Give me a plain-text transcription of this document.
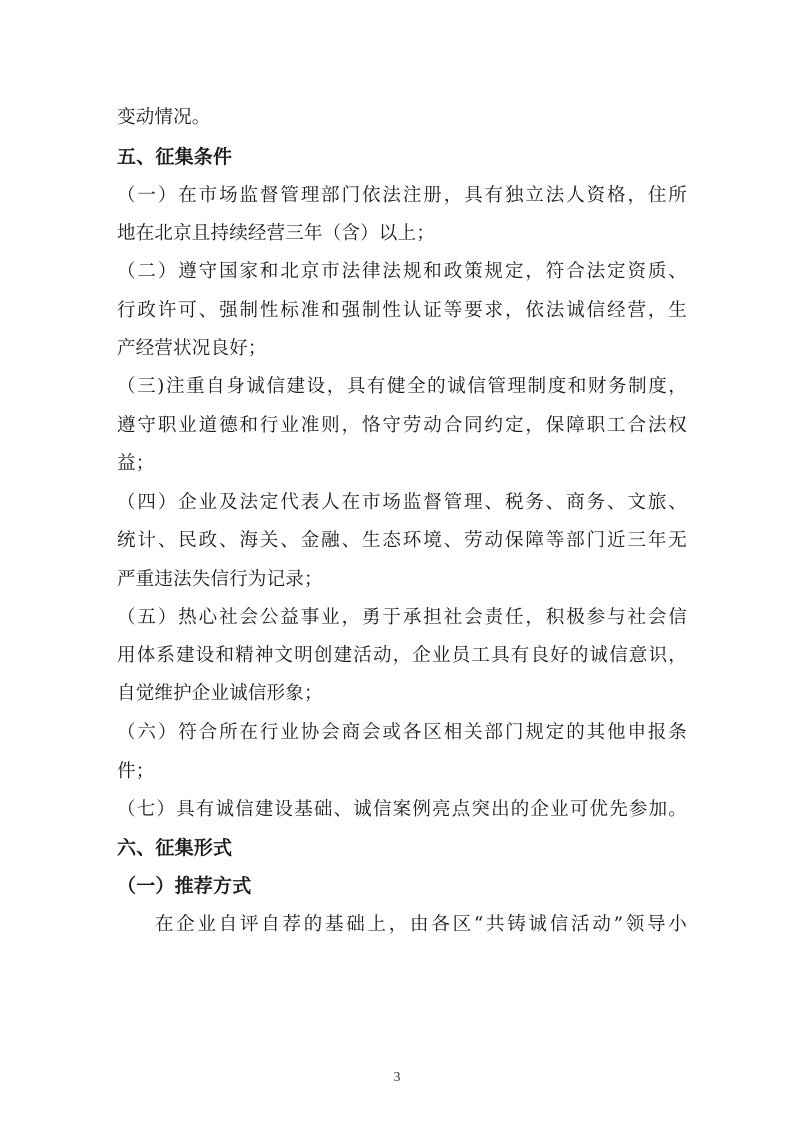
变动情况。
五、征集条件
（一）在市场监督管理部门依法注册，具有独立法人资格，住所
地在北京且持续经营三年（含）以上；
（二）遵守国家和北京市法律法规和政策规定，符合法定资质、
行政许可、强制性标准和强制性认证等要求，依法诚信经营，生
产经营状况良好；
（三)注重自身诚信建设，具有健全的诚信管理制度和财务制度，
遵守职业道德和行业准则，恪守劳动合同约定，保障职工合法权
益；
（四）企业及法定代表人在市场监督管理、税务、商务、文旅、
统计、民政、海关、金融、生态环境、劳动保障等部门近三年无
严重违法失信行为记录；
（五）热心社会公益事业，勇于承担社会责任，积极参与社会信
用体系建设和精神文明创建活动，企业员工具有良好的诚信意识，
自觉维护企业诚信形象；
（六）符合所在行业协会商会或各区相关部门规定的其他申报条
件；
（七）具有诚信建设基础、诚信案例亮点突出的企业可优先参加。
六、征集形式
（一）推荐方式
在企业自评自荐的基础上，由各区“共铸诚信活动”领导小
3
